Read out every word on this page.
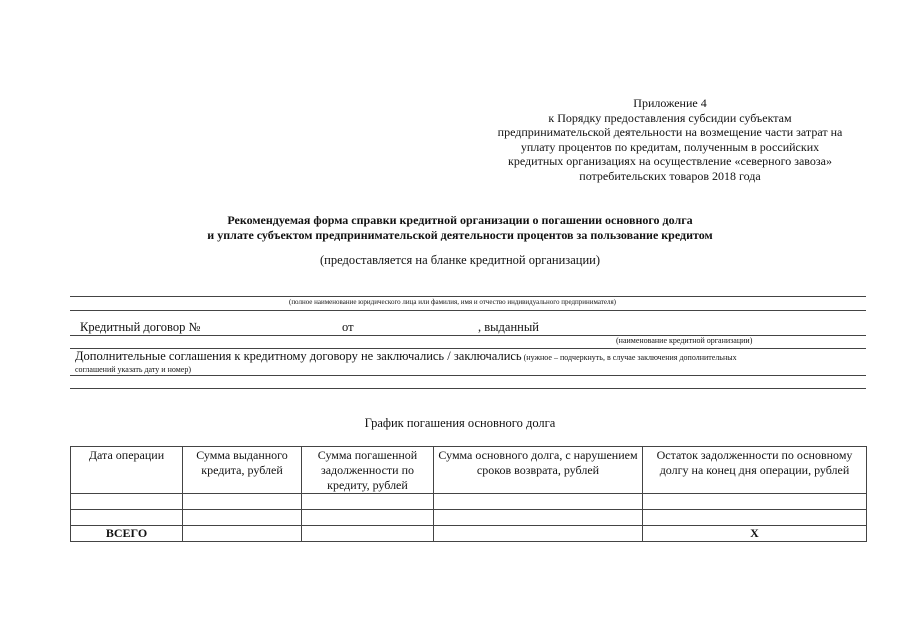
Приложение 4
к Порядку предоставления субсидии субъектам
предпринимательской деятельности на возмещение части затрат на
уплату процентов по кредитам, полученным в российских
кредитных организациях на осуществление «северного завоза»
потребительских товаров 2018 года
Рекомендуемая форма справки кредитной организации о погашении основного долга
и уплате субъектом предпринимательской деятельности процентов за пользование кредитом
(предоставляется на бланке кредитной организации)
(полное наименование юридического лица или фамилия, имя и отчество индивидуального предпринимателя)
Кредитный договор №	от	, выданный
(наименование кредитной организации)
Дополнительные соглашения к кредитному договору не заключались / заключались (нужное – подчеркнуть, в случае заключения дополнительных
соглашений указать дату и номер)
График погашения основного долга
Дата операции	Сумма выданного кредита, рублей	Сумма погашенной задолженности по кредиту, рублей	Сумма основного долга, с нарушением сроков возврата, рублей	Остаток задолженности по основному долгу на конец дня операции, рублей

ВСЕГО				Х
